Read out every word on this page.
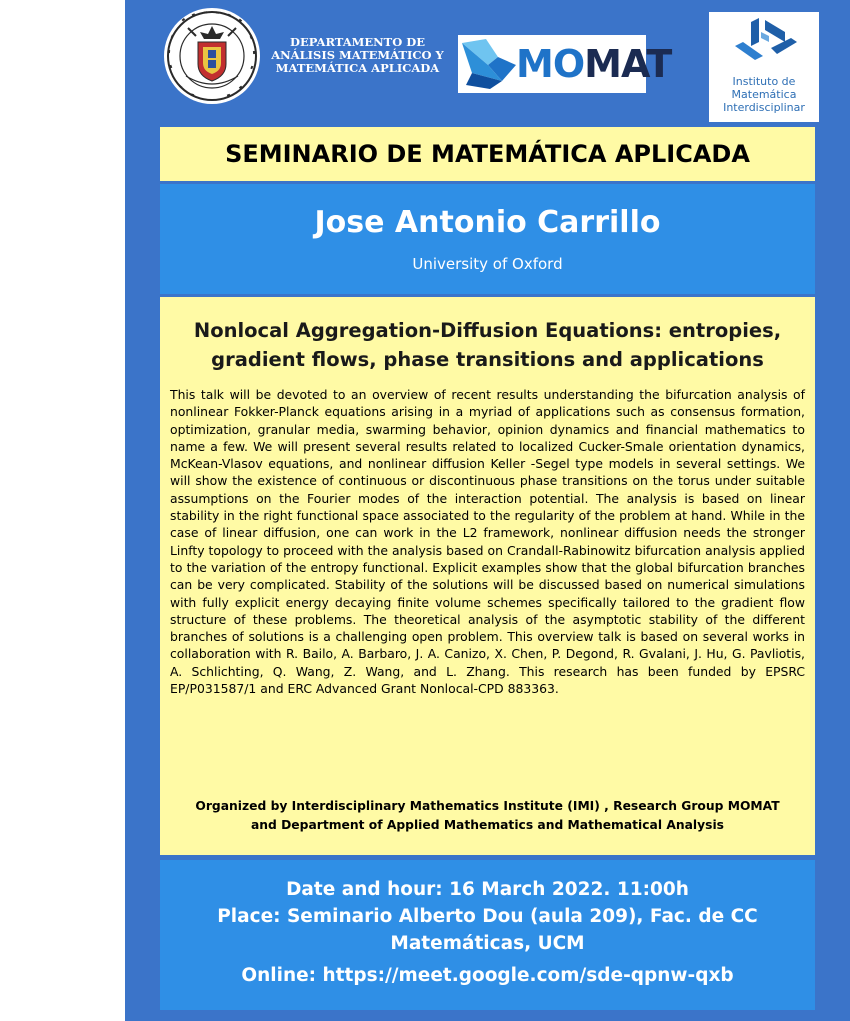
DEPARTAMENTO DE
ANÁLISIS MATEMÁTICO Y
MATEMÁTICA APLICADA MOMAT	Instituto de
Matemática
Interdisciplinar
SEMINARIO DE MATEMÁTICA APLICADA
Jose Antonio Carrillo
University of Oxford
Nonlocal Aggregation-Diffusion Equations: entropies, gradient flows, phase transitions and applications

This talk will be devoted to an overview of recent results understanding the bifurcation analysis of nonlinear Fokker-Planck equations arising in a myriad of applications such as consensus formation, optimization, granular media, swarming behavior, opinion dynamics and financial mathematics to name a few. We will present several results related to localized Cucker-Smale orientation dynamics, McKean-Vlasov equations, and nonlinear diffusion Keller -Segel type models in several settings. We will show the existence of continuous or discontinuous phase transitions on the torus under suitable assumptions on the Fourier modes of the interaction potential. The analysis is based on linear stability in the right functional space associated to the regularity of the problem at hand. While in the case of linear diffusion, one can work in the L2 framework, nonlinear diffusion needs the stronger Linfty topology to proceed with the analysis based on Crandall-Rabinowitz bifurcation analysis applied to the variation of the entropy functional. Explicit examples show that the global bifurcation branches can be very complicated. Stability of the solutions will be discussed based on numerical simulations with fully explicit energy decaying finite volume schemes specifically tailored to the gradient flow structure of these problems. The theoretical analysis of the asymptotic stability of the different branches of solutions is a challenging open problem. This overview talk is based on several works in collaboration with R. Bailo, A. Barbaro, J. A. Canizo, X. Chen, P. Degond, R. Gvalani, J. Hu, G. Pavliotis, A. Schlichting, Q. Wang, Z. Wang, and L. Zhang. This research has been funded by EPSRC EP/P031587/1 and ERC Advanced Grant Nonlocal-CPD 883363.

Organized by Interdisciplinary Mathematics Institute (IMI) , Research Group MOMAT
and Department of Applied Mathematics and Mathematical Analysis
Date and hour: 16 March 2022. 11:00h
Place: Seminario Alberto Dou (aula 209), Fac. de CC
Matemáticas, UCM
Online: https://meet.google.com/sde-qpnw-qxb
